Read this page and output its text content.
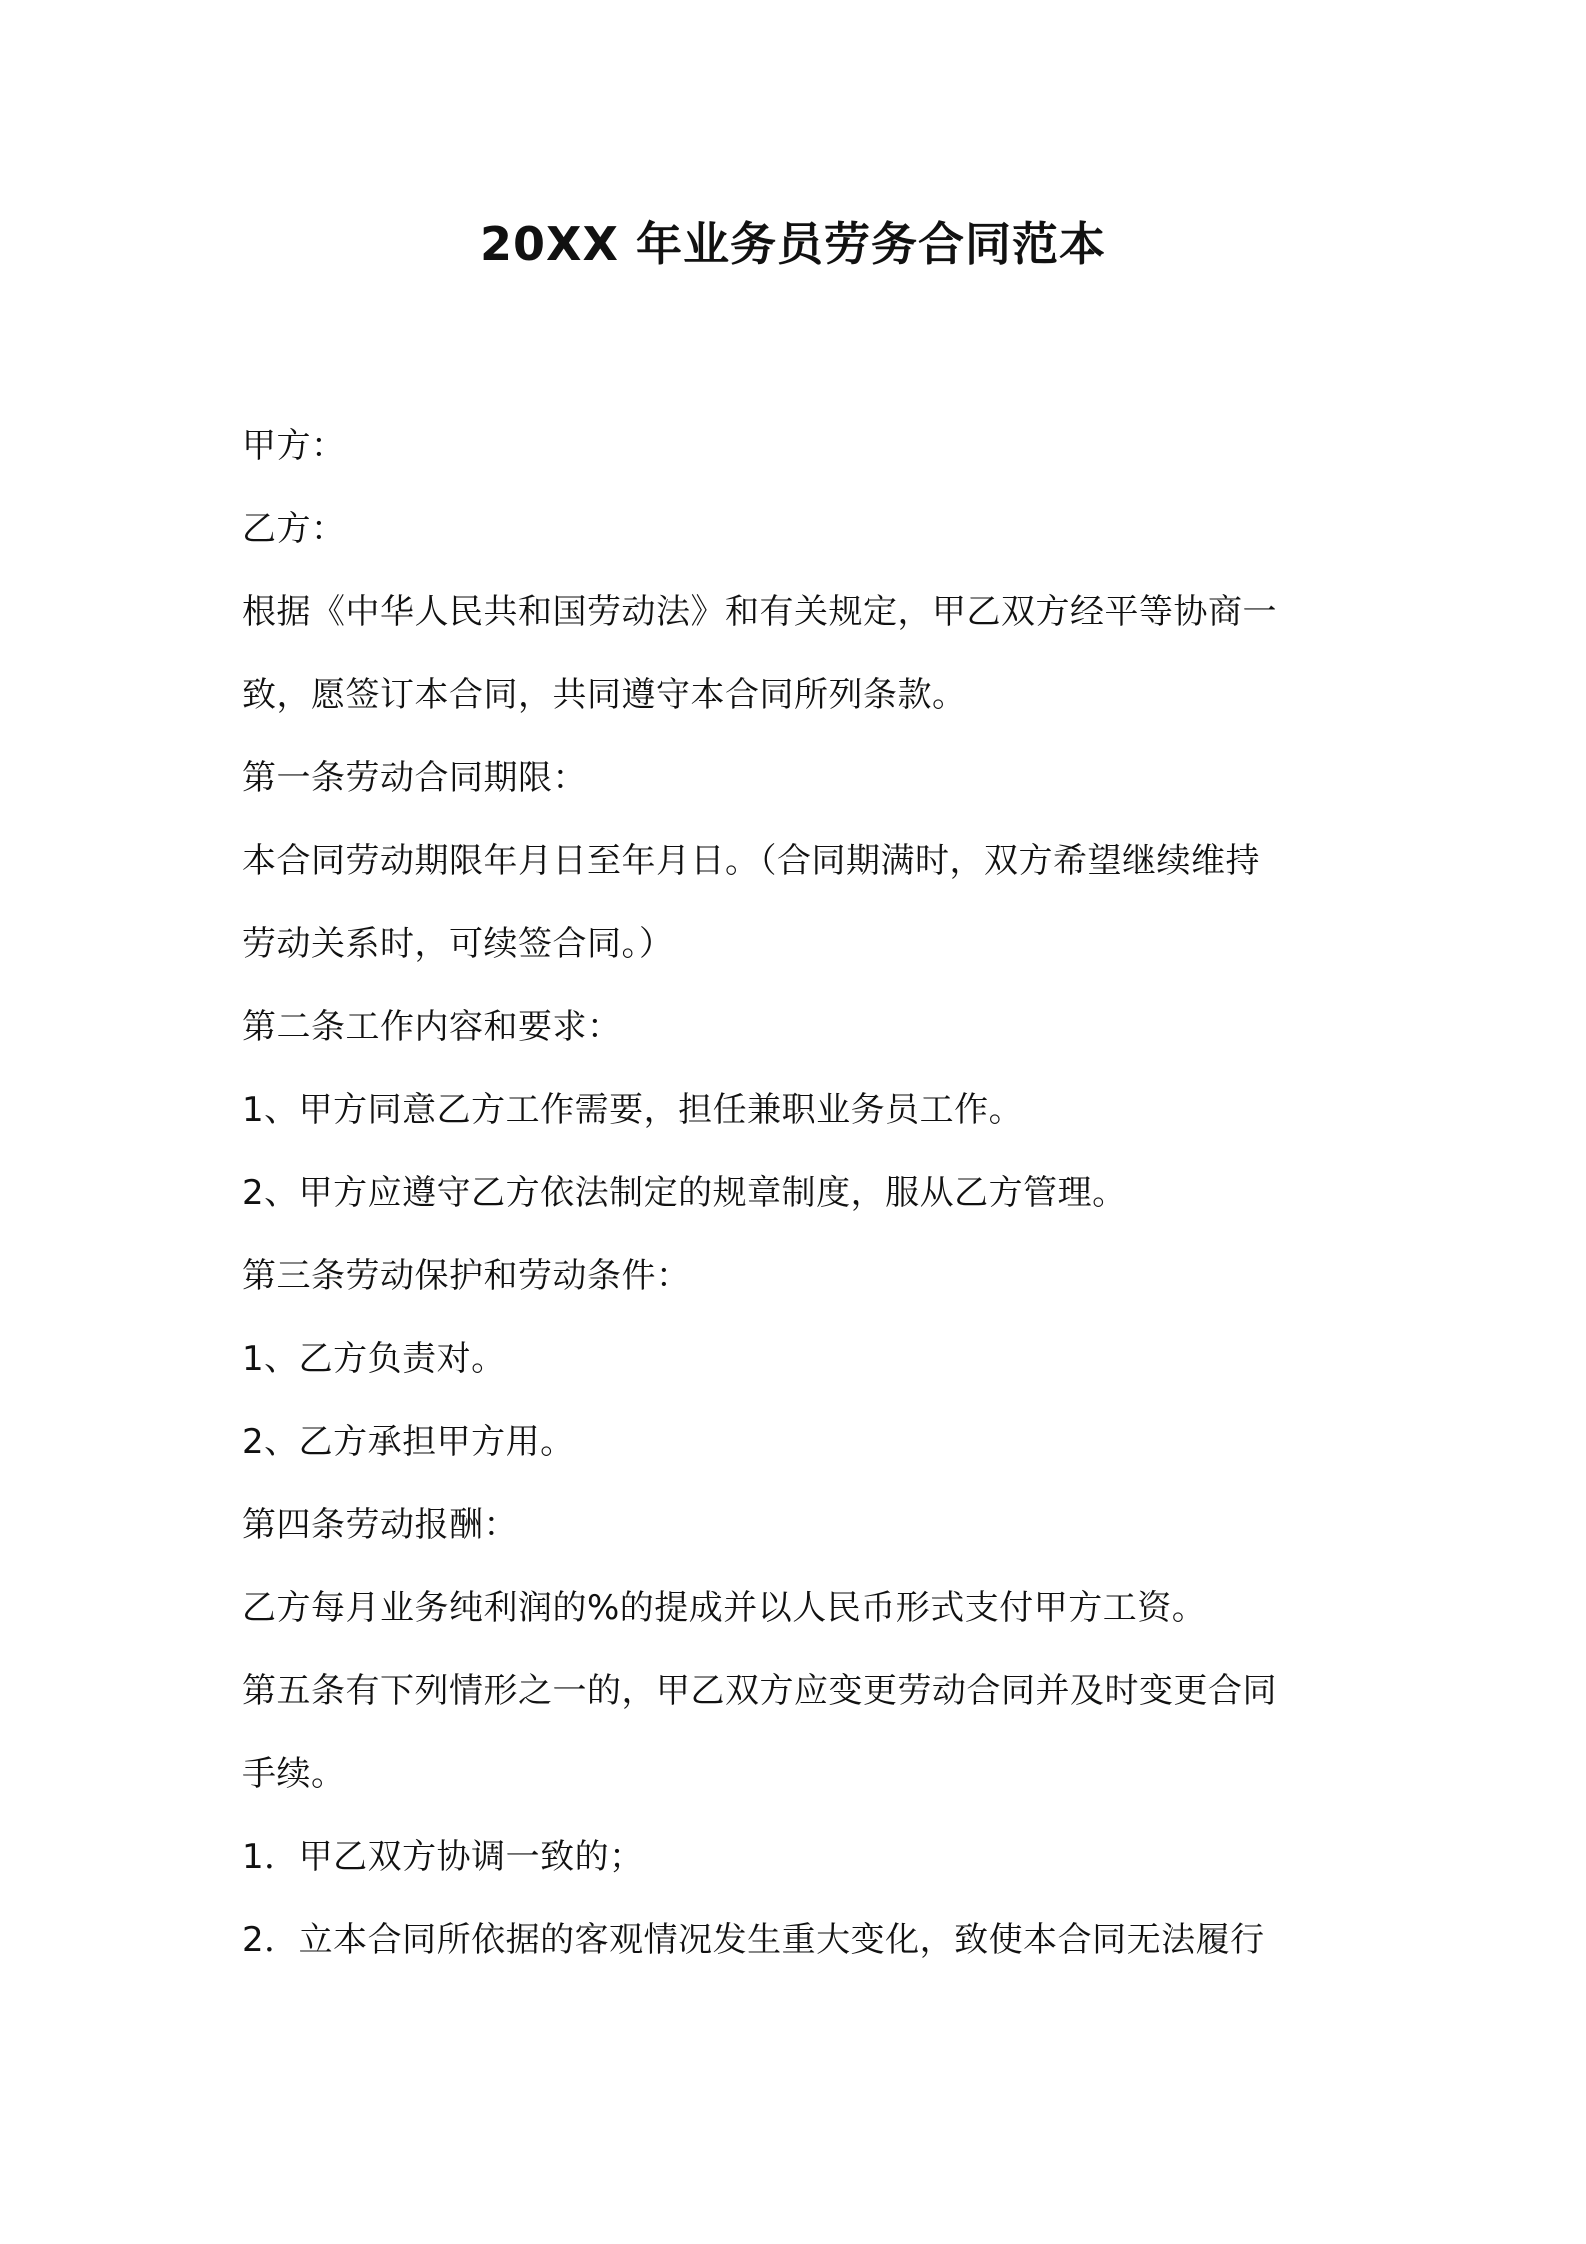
20XX 年业务员劳务合同范本
甲方：
乙方：
根据《中华人民共和国劳动法》和有关规定，甲乙双方经平等协商一
致，愿签订本合同，共同遵守本合同所列条款。
第一条劳动合同期限：
本合同劳动期限年月日至年月日。（合同期满时，双方希望继续维持
劳动关系时，可续签合同。）
第二条工作内容和要求：
1、甲方同意乙方工作需要，担任兼职业务员工作。
2、甲方应遵守乙方依法制定的规章制度，服从乙方管理。
第三条劳动保护和劳动条件：
1、乙方负责对。
2、乙方承担甲方用。
第四条劳动报酬：
乙方每月业务纯利润的%的提成并以人民币形式支付甲方工资。
第五条有下列情形之一的，甲乙双方应变更劳动合同并及时变更合同
手续。
1．甲乙双方协调一致的；
2．立本合同所依据的客观情况发生重大变化，致使本合同无法履行
